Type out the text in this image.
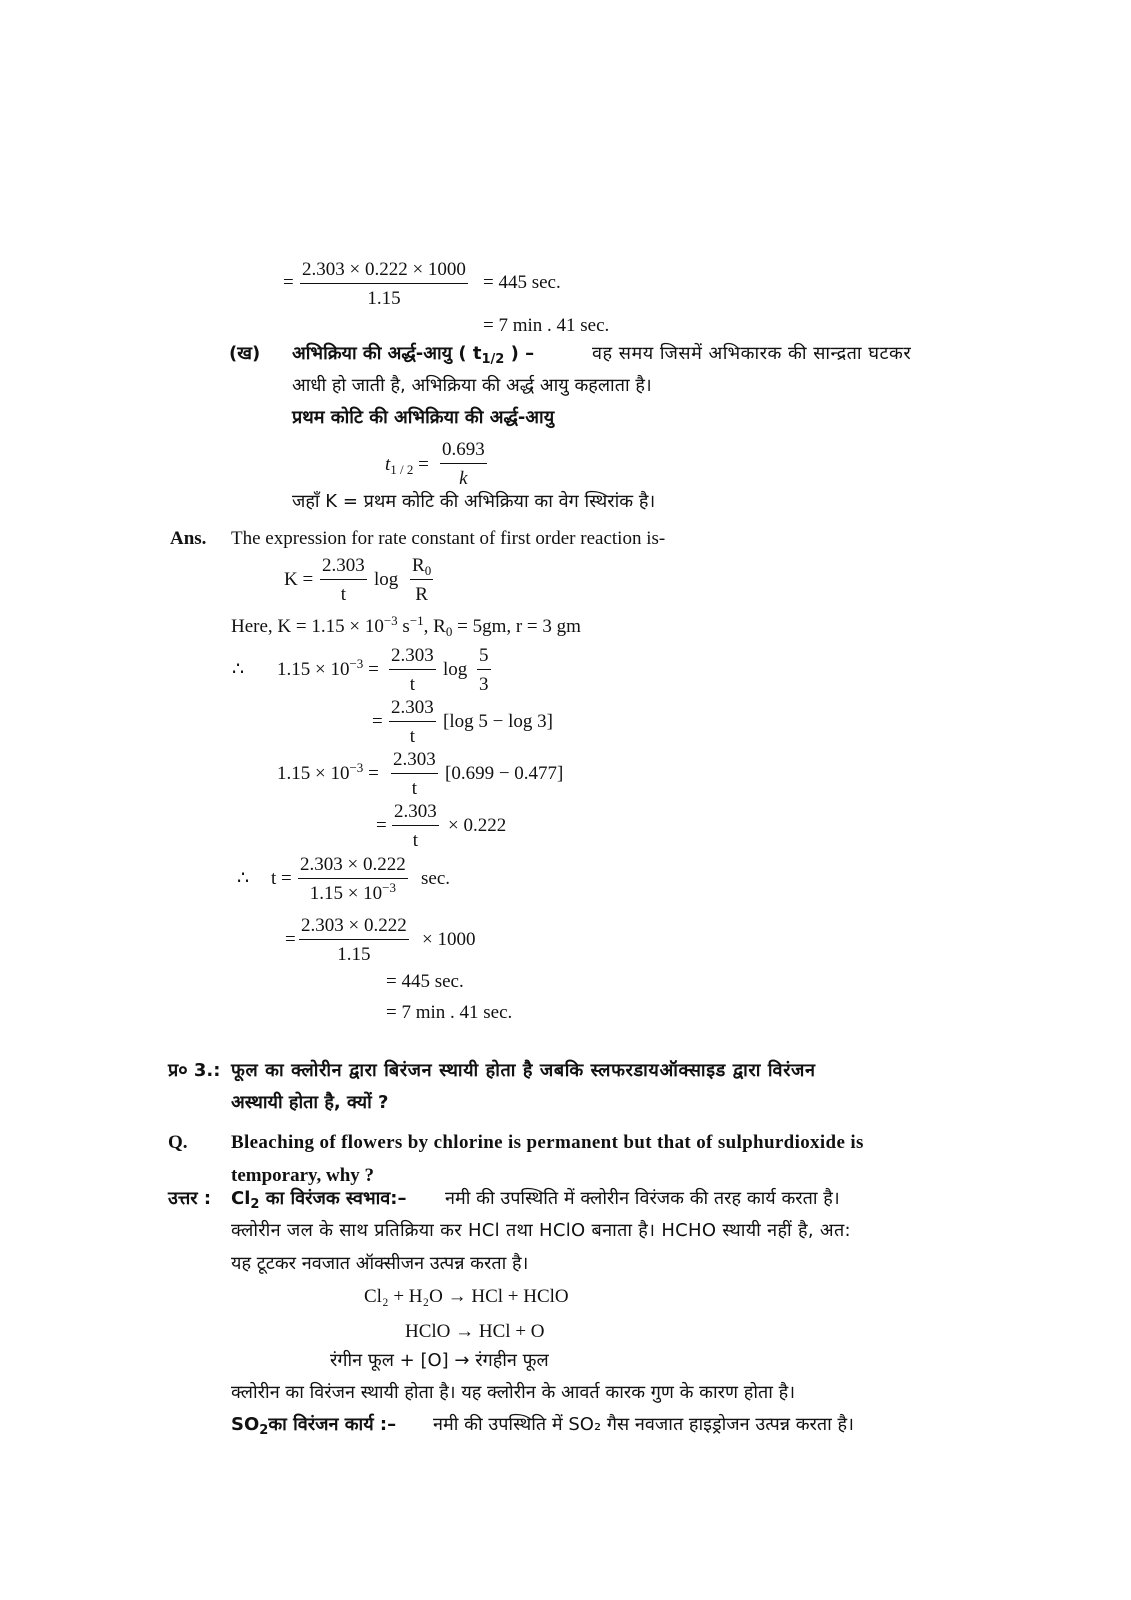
= $\frac{2.303 \times 0.222 \times 1000}{1.15} = 445$ sec.
= 7 min . 41 sec.
(ख) अभिक्रिया की अर्द्ध-आयु ( $t_{1/2}$ ) –	वह समय जिसमें अभिकारक की सान्द्रता घटकर
आधी हो जाती है, अभिक्रिया की अर्द्ध आयु कहलाता है।
प्रथम कोटि की अभिक्रिया की अर्द्ध-आयु
$t_{1 / 2} = \frac{0.693}{k}$
जहाँ K = प्रथम कोटि की अभिक्रिया का वेग स्थिरांक है।
Ans. The expression for rate constant of first order reaction is-
$K = \frac{2.303}{t}$ $\log \frac{R_0}{R}$
Here, $K = 1.15 \times 10^{-3}$ $s^{-1}$, $R_0 = 5gm$, r = 3 gm
∴ $1.15 \times 10^{-3} = \frac{2.303}{t}$ $\log \frac{5}{3}$
= $\frac{2.303}{t} [\log$ 5 − log 3]
$1.15 \times 10^{-3} = \frac{2.303}{t} [0.699 - 0.477]$
= $\frac{2.303}{t} \times 0.222$
∴ $t = \frac{2.303 \times 0.222}{1.15 \times 10^{-3}} \sec$.
= $\frac{2.303 \times 0.222}{1.15} \times 1000$
= 445 sec.
= 7 min . 41 sec.
प्र० 3.: फूल का क्लोरीन द्वारा बिरंजन स्थायी होता है जबकि स्लफरडायऑक्साइड द्वारा विरंजन
अस्थायी होता है, क्यों ?
Q. Bleaching of flowers by chlorine is permanent but that of sulphurdioxide is
temporary, why ?
उत्तर : $Cl_2$ का विरंजक स्वभाव:– नमी की उपस्थिति में क्लोरीन विरंजक की तरह कार्य करता है।
क्लोरीन जल के साथ प्रतिक्रिया कर HCl तथा HClO बनाता है। HCHO स्थायी नहीं है, अत:
यह टूटकर नवजात ऑक्सीजन उत्पन्न करता है।
Cl₂ + H₂O → HCl + HClO
HClO → HCl + O
रंगीन फूल + [O] → रंगहीन फूल
क्लोरीन का विरंजन स्थायी होता है। यह क्लोरीन के आवर्त कारक गुण के कारण होता है।
$SO_2का$ विरंजन कार्य :– नमी की उपस्थिति में SO₂ गैस नवजात हाइड्रोजन उत्पन्न करता है।
